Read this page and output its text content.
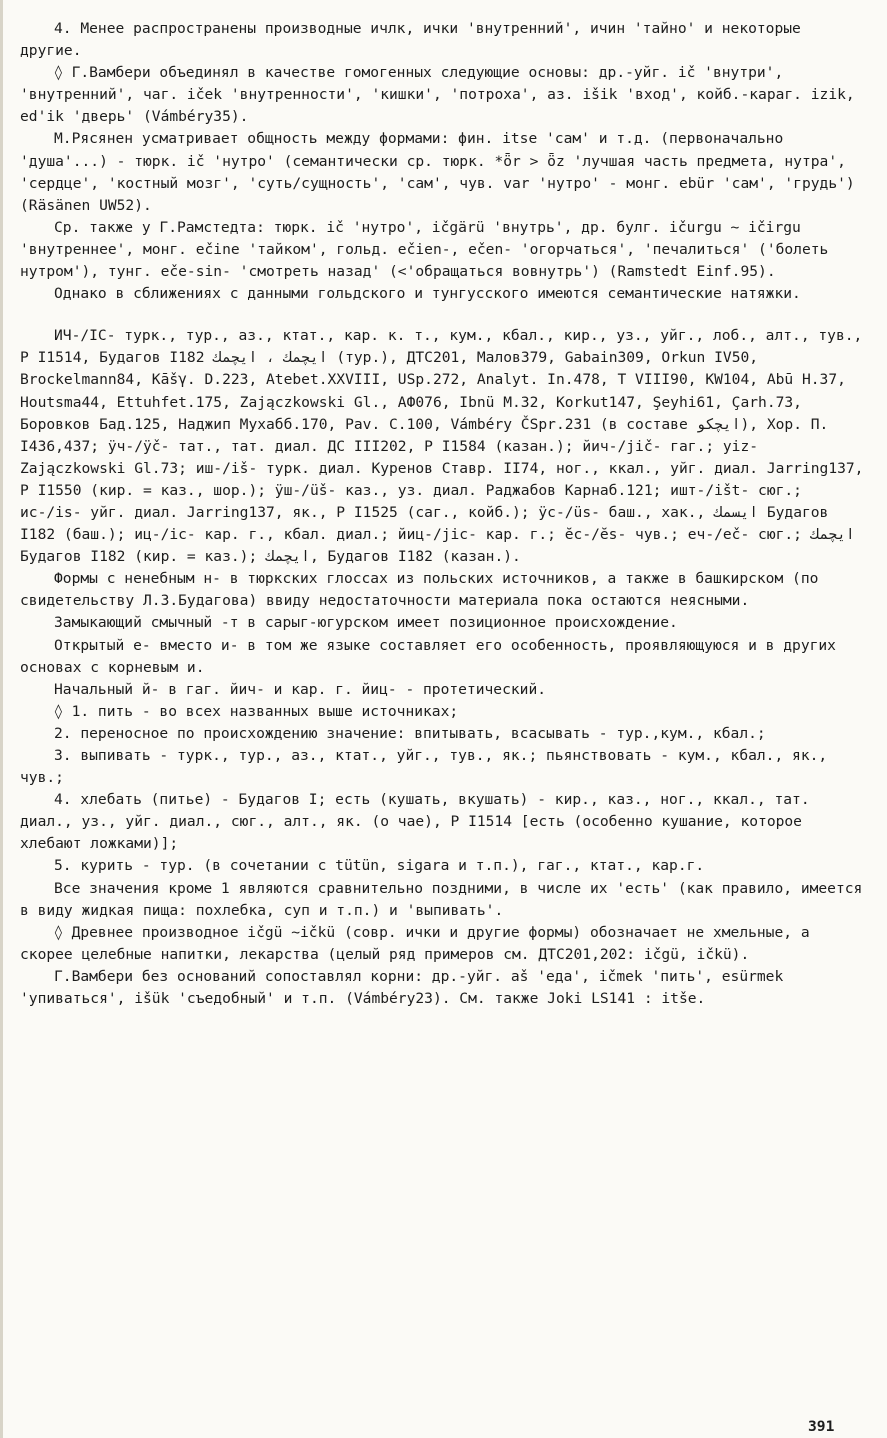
4. Менее распространены производные ичлк, ички 'внутренний', ичин 'тайно' и некоторые другие.

◊ Г.Вамбери объединял в качестве гомогенных следующие основы: др.-уйг. ič 'внутри', 'внутренний', чаг. iček 'внутренности', 'кишки', 'потроха', аз. išik 'вход', койб.-караг. izik, ed'ik 'дверь' (Vámbéry35).

М.Рясянен усматривает общность между формами: фин. itse 'сам' и т.д. (первоначально 'душа'...) - тюрк. ič 'нутро' (семантически ср. тюрк. *ȫr > ȫz 'лучшая часть предмета, нутра', 'сердце', 'костный мозг', 'суть/сущность', 'сам', чув. var 'нутро' - монг. ebür 'сам', 'грудь') (Räsänen UW52).

Ср. также у Г.Рамстедта: тюрк. ič 'нутро', ičgärü 'внутрь', др. булг. ičurgu ~ ičirgu 'внутреннее', монг. ečine 'тайком', гольд. ečien-, ečen- 'огорчаться', 'печалиться' ('болеть нутром'), тунг. eče-sin- 'смотреть назад' (<'обращаться вовнутрь') (Ramstedt Einf.95).

Однако в сближениях с данными гольдского и тунгусского имеются семантические натяжки.

ИЧ-/IC- турк., тур., аз., ктат., кар. к. т., кум., кбал., кир., уз., уйг., лоб., алт., тув., Р I1514, Будагов I182 ایچمك ، ایچمك (тур.), ДТС201, Малов379, Gabain309, Orkun IV50, Brockelmann84, Kāšγ. D.223, Atebet.XXVIII, USp.272, Analyt. In.478, T VIII90, KW104, Abū H.37, Houtsma44, Ettuhfet.175, Zajączkowski Gl., АФ076, Ibnü M.32, Korkut147, Şeyhi61, Çarh.73, Боровков Бад.125, Наджип Мухабб.170, Pav. C.100, Vámbéry ČSpr.231 (в составе ایچكو), Хор. П. I436,437; ӱч-/ӱč- тат., тат. диал. ДС III202, Р I1584 (казан.); йич-/jič- гаг.; yiz- Zajączkowski Gl.73; иш-/iš- турк. диал. Куренов Ставр. II74, ног., ккал., уйг. диал. Jarring137, Р I1550 (кир. = каз., шор.); ӱш-/üš- каз., уз. диал. Раджабов Карнаб.121; ишт-/išt- сюг.; ис-/is- уйг. диал. Jarring137, як., Р I1525 (саг., койб.); ӱс-/üs- баш., хак., ایسمك Будагов I182 (баш.); иц-/ic- кар. г., кбал. диал.; йиц-/jic- кар. г.; ӗс-/ĕs- чув.; еч-/eč- сюг.; ایچمك Будагов I182 (кир. = каз.); ایچمك, Будагов I182 (казан.).

Формы с ненебным н- в тюркских глоссах из польских источников, а также в башкирском (по свидетельству Л.З.Будагова) ввиду недостаточности материала пока остаются неясными.

Замыкающий смычный -т в сарыг-югурском имеет позиционное происхождение.

Открытый е- вместо и- в том же языке составляет его особенность, проявляющуюся и в других основах с корневым и.

Начальный й- в гаг. йич- и кар. г. йиц- - протетический.

◊ 1. пить - во всех названных выше источниках;

2. переносное по происхождению значение: впитывать, всасывать - тур.,кум., кбал.;

3. выпивать - турк., тур., аз., ктат., уйг., тув., як.; пьянствовать - кум., кбал., як., чув.;

4. хлебать (питье) - Будагов I; есть (кушать, вкушать) - кир., каз., ног., ккал., тат. диал., уз., уйг. диал., сюг., алт., як. (о чае), Р I1514 [есть (особенно кушание, которое хлебают ложками)];

5. курить - тур. (в сочетании с tütün, sigara и т.п.), гаг., ктат., кар.г.

Все значения кроме 1 являются сравнительно поздними, в числе их 'есть' (как правило, имеется в виду жидкая пища: похлебка, суп и т.п.) и 'выпивать'.

◊ Древнее производное ičgü ~ičkü (совр. ички и другие формы) обозначает не хмельные, а скорее целебные напитки, лекарства (целый ряд примеров см. ДТС201,202: ičgü, ičkü).

Г.Вамбери без оснований сопоставлял корни: др.-уйг. aš 'еда', ičmek 'пить', esürmek 'упиваться', išük 'съедобный' и т.п. (Vámbéry23). См. также Joki LS141 : itše.

391
